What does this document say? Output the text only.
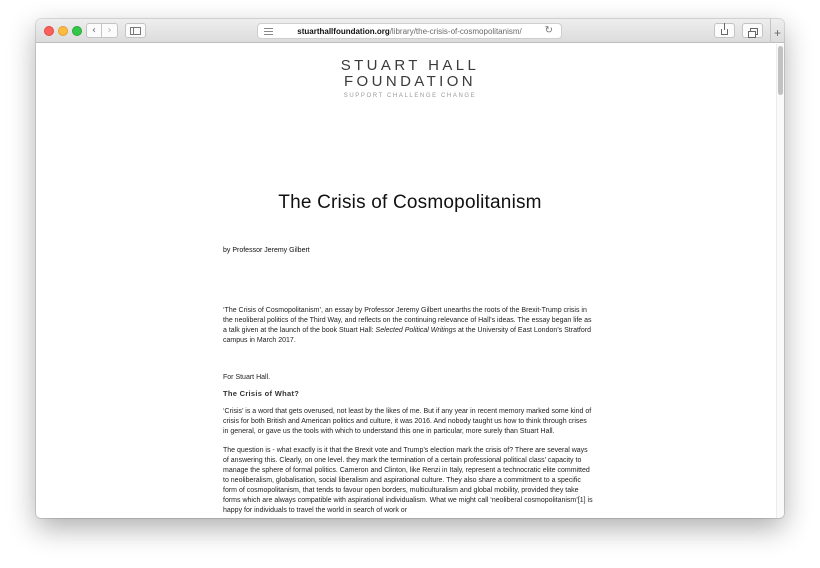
‹ ›	stuarthallfoundation.org/library/the-crisis-of-cosmopolitanism/ ↻	+
STUART HALL
FOUNDATION
SUPPORT CHALLENGE CHANGE
The Crisis of Cosmopolitanism
by Professor Jeremy Gilbert

‘The Crisis of Cosmopolitanism’, an essay by Professor Jeremy Gilbert unearths the roots of the Brexit-Trump crisis in the neoliberal politics of the Third Way, and reflects on the continuing relevance of Hall’s ideas. The essay began life as a talk given at the launch of the book Stuart Hall: Selected Political Writings at the University of East London’s Stratford campus in March 2017.

For Stuart Hall.

The Crisis of What?

‘Crisis’ is a word that gets overused, not least by the likes of me. But if any year in recent memory marked some kind of crisis for both British and American politics and culture, it was 2016. And nobody taught us how to think through crises in general, or gave us the tools with which to understand this one in particular, more surely than Stuart Hall.

The question is - what exactly is it that the Brexit vote and Trump’s election mark the crisis of? There are several ways of answering this. Clearly, on one level. they mark the termination of a certain professional political class’ capacity to manage the sphere of formal politics. Cameron and Clinton, like Renzi in Italy, represent a technocratic elite committed to neoliberalism, globalisation, social liberalism and aspirational culture. They also share a commitment to a specific form of cosmopolitanism, that tends to favour open borders, multiculturalism and global mobility, provided they take forms which are always compatible with aspirational individualism. What we might call ‘neoliberal cosmopolitanism’[1] is happy for individuals to travel the world in search of work or
